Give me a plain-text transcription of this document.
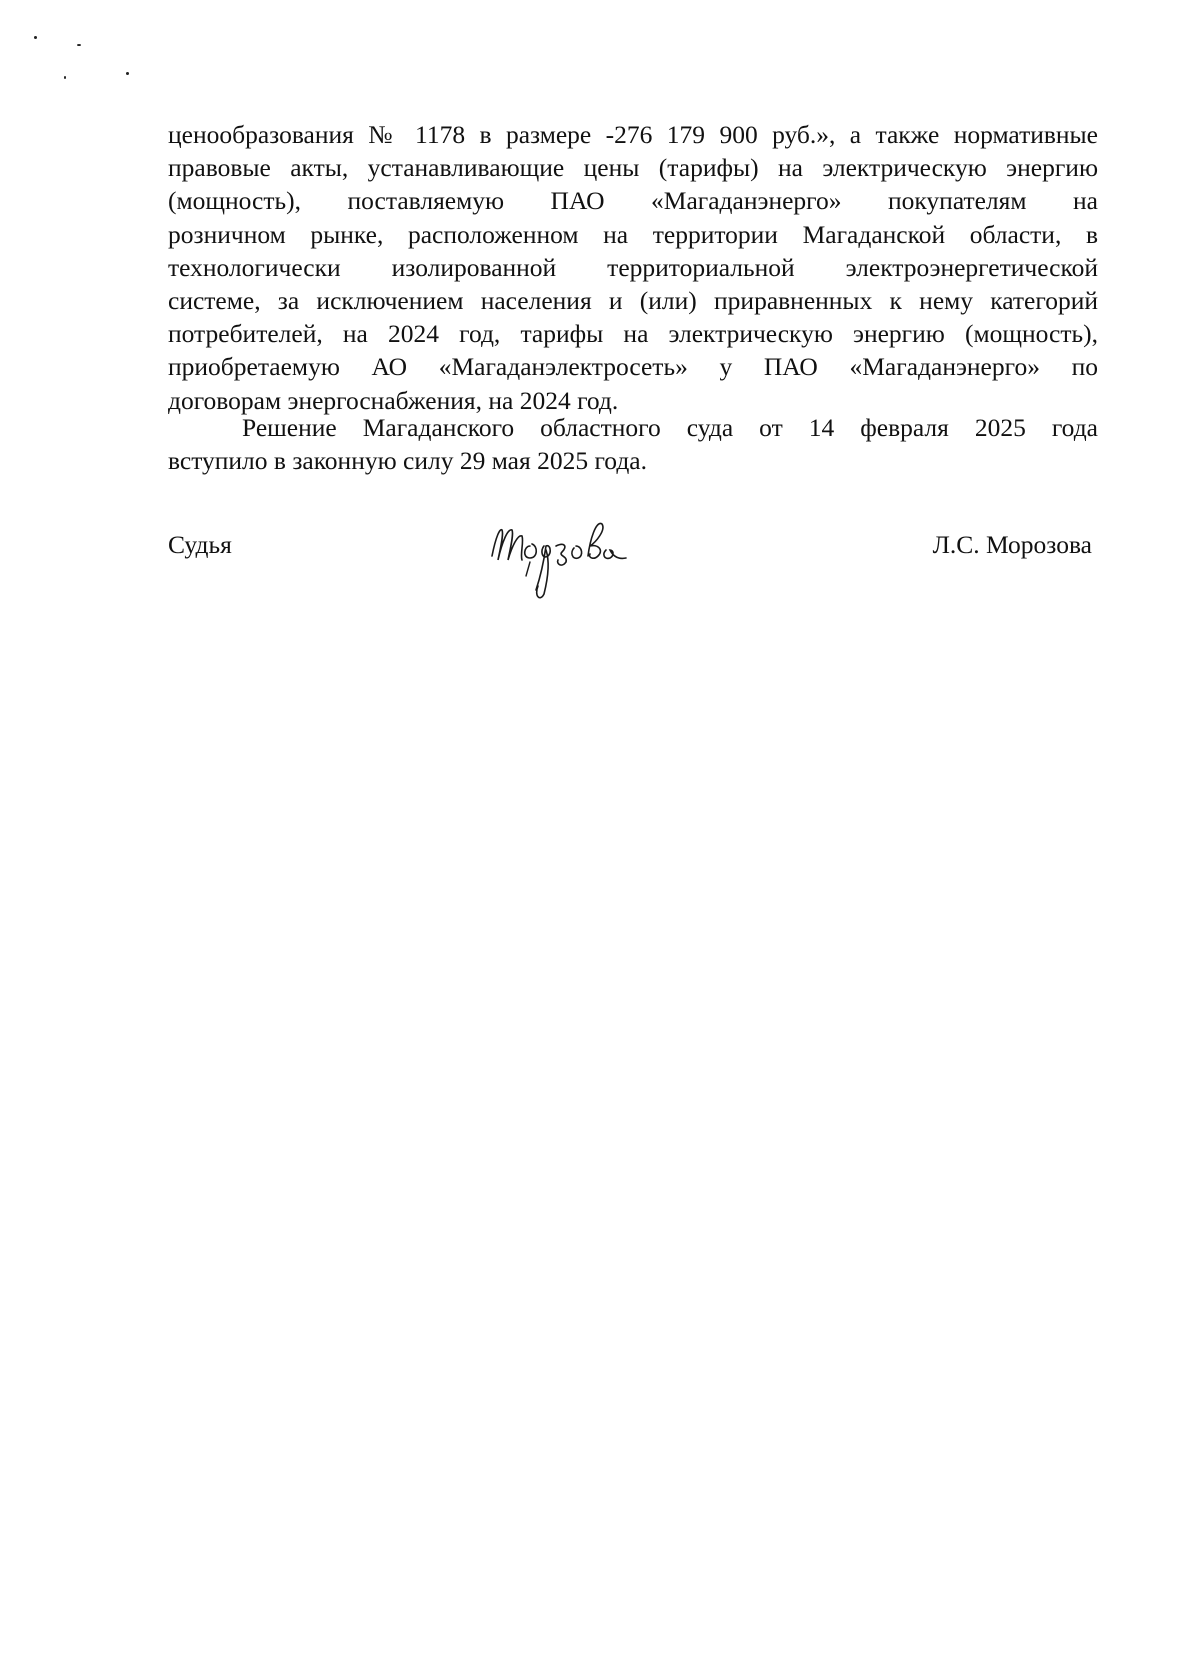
ценообразования № 1178 в размере -276 179 900 руб.», а также нормативные
правовые акты, устанавливающие цены (тарифы) на электрическую энергию
(мощность), поставляемую ПАО «Магаданэнерго» покупателям на
розничном рынке, расположенном на территории Магаданской области, в
технологически изолированной территориальной электроэнергетической
системе, за исключением населения и (или) приравненных к нему категорий
потребителей, на 2024 год, тарифы на электрическую энергию (мощность),
приобретаемую АО «Магаданэлектросеть» у ПАО «Магаданэнерго» по
договорам энергоснабжения, на 2024 год.
Решение Магаданского областного суда от 14 февраля 2025 года
вступило в законную силу 29 мая 2025 года.
Судья	Л.С. Морозова
